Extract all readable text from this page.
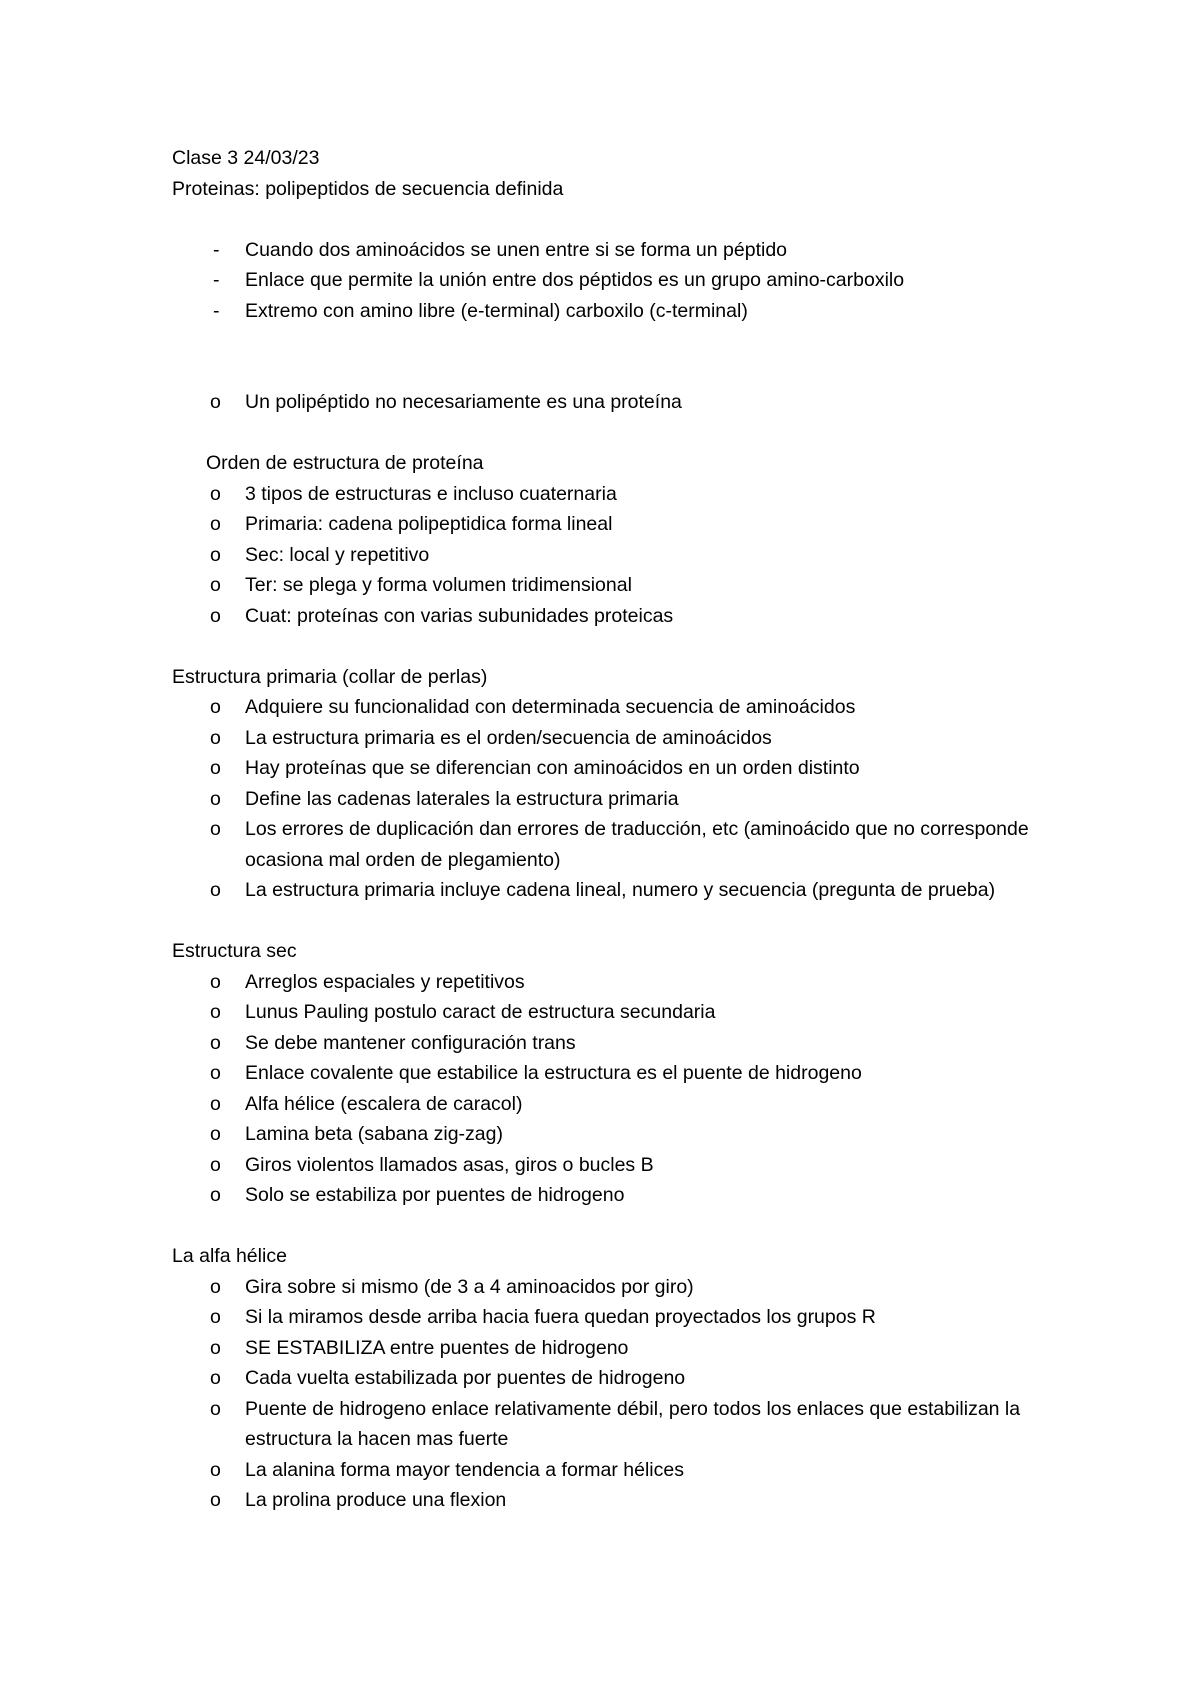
Clase 3 24/03/23

Proteinas: polipeptidos de secuencia definida

-	Cuando dos aminoácidos se unen entre si se forma un péptido
-	Enlace que permite la unión entre dos péptidos es un grupo amino-carboxilo
-	Extremo con amino libre (e-terminal) carboxilo (c-terminal)
o	Un polipéptido no necesariamente es una proteína

Orden de estructura de proteína

o	3 tipos de estructuras e incluso cuaternaria
o	Primaria: cadena polipeptidica forma lineal
o	Sec: local y repetitivo
o	Ter: se plega y forma volumen tridimensional
o	Cuat: proteínas con varias subunidades proteicas

Estructura primaria (collar de perlas)

o	Adquiere su funcionalidad con determinada secuencia de aminoácidos
o	La estructura primaria es el orden/secuencia de aminoácidos
o	Hay proteínas que se diferencian con aminoácidos en un orden distinto
o	Define las cadenas laterales la estructura primaria
o	Los errores de duplicación dan errores de traducción, etc (aminoácido que no corresponde ocasiona mal orden de plegamiento)
o	La estructura primaria incluye cadena lineal, numero y secuencia (pregunta de prueba)

Estructura sec

o	Arreglos espaciales y repetitivos
o	Lunus Pauling postulo caract de estructura secundaria
o	Se debe mantener configuración trans
o	Enlace covalente que estabilice la estructura es el puente de hidrogeno
o	Alfa hélice (escalera de caracol)
o	Lamina beta (sabana zig-zag)
o	Giros violentos llamados asas, giros o bucles B
o	Solo se estabiliza por puentes de hidrogeno

La alfa hélice

o	Gira sobre si mismo (de 3 a 4 aminoacidos por giro)
o	Si la miramos desde arriba hacia fuera quedan proyectados los grupos R
o	SE ESTABILIZA entre puentes de hidrogeno
o	Cada vuelta estabilizada por puentes de hidrogeno
o	Puente de hidrogeno enlace relativamente débil, pero todos los enlaces que estabilizan la estructura la hacen mas fuerte
o	La alanina forma mayor tendencia a formar hélices
o	La prolina produce una flexion
